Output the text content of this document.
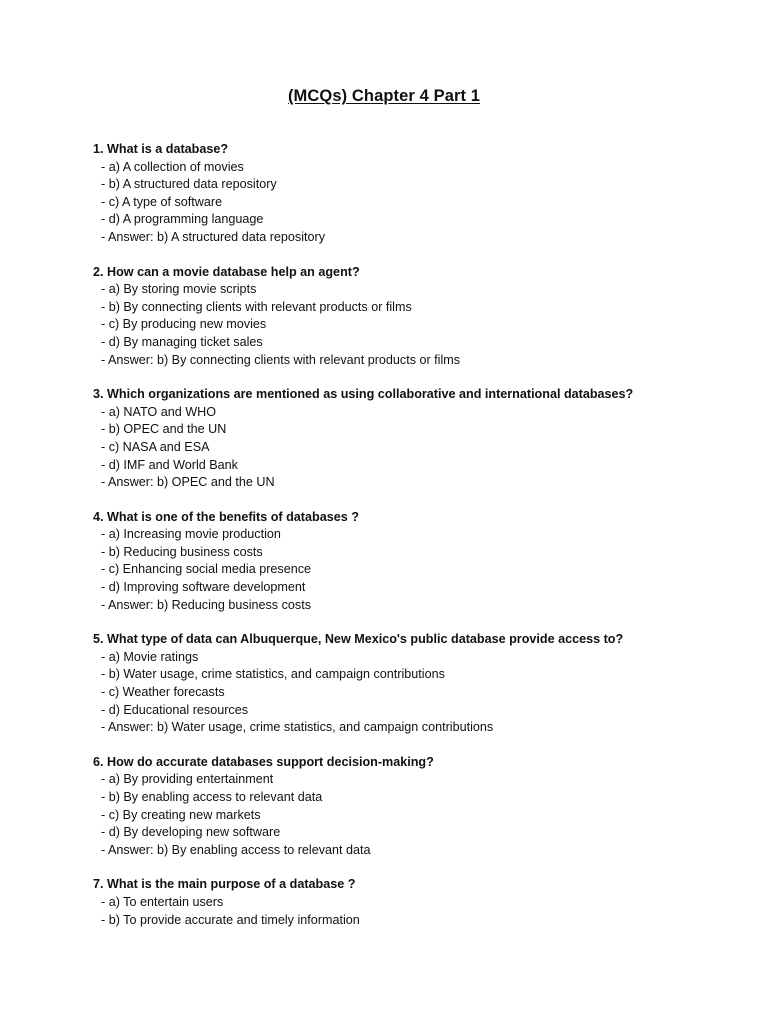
(MCQs) Chapter 4 Part 1
1. What is a database?
- a) A collection of movies
- b) A structured data repository
- c) A type of software
- d) A programming language
- Answer: b) A structured data repository
2. How can a movie database help an agent?
- a) By storing movie scripts
- b) By connecting clients with relevant products or films
- c) By producing new movies
- d) By managing ticket sales
- Answer: b) By connecting clients with relevant products or films
3. Which organizations are mentioned as using collaborative and international databases?
- a) NATO and WHO
- b) OPEC and the UN
- c) NASA and ESA
- d) IMF and World Bank
- Answer: b) OPEC and the UN
4. What is one of the benefits of databases ?
- a) Increasing movie production
- b) Reducing business costs
- c) Enhancing social media presence
- d) Improving software development
- Answer: b) Reducing business costs
5. What type of data can Albuquerque, New Mexico's public database provide access to?
- a) Movie ratings
- b) Water usage, crime statistics, and campaign contributions
- c) Weather forecasts
- d) Educational resources
- Answer: b) Water usage, crime statistics, and campaign contributions
6. How do accurate databases support decision-making?
- a) By providing entertainment
- b) By enabling access to relevant data
- c) By creating new markets
- d) By developing new software
- Answer: b) By enabling access to relevant data
7. What is the main purpose of a database ?
- a) To entertain users
- b) To provide accurate and timely information
